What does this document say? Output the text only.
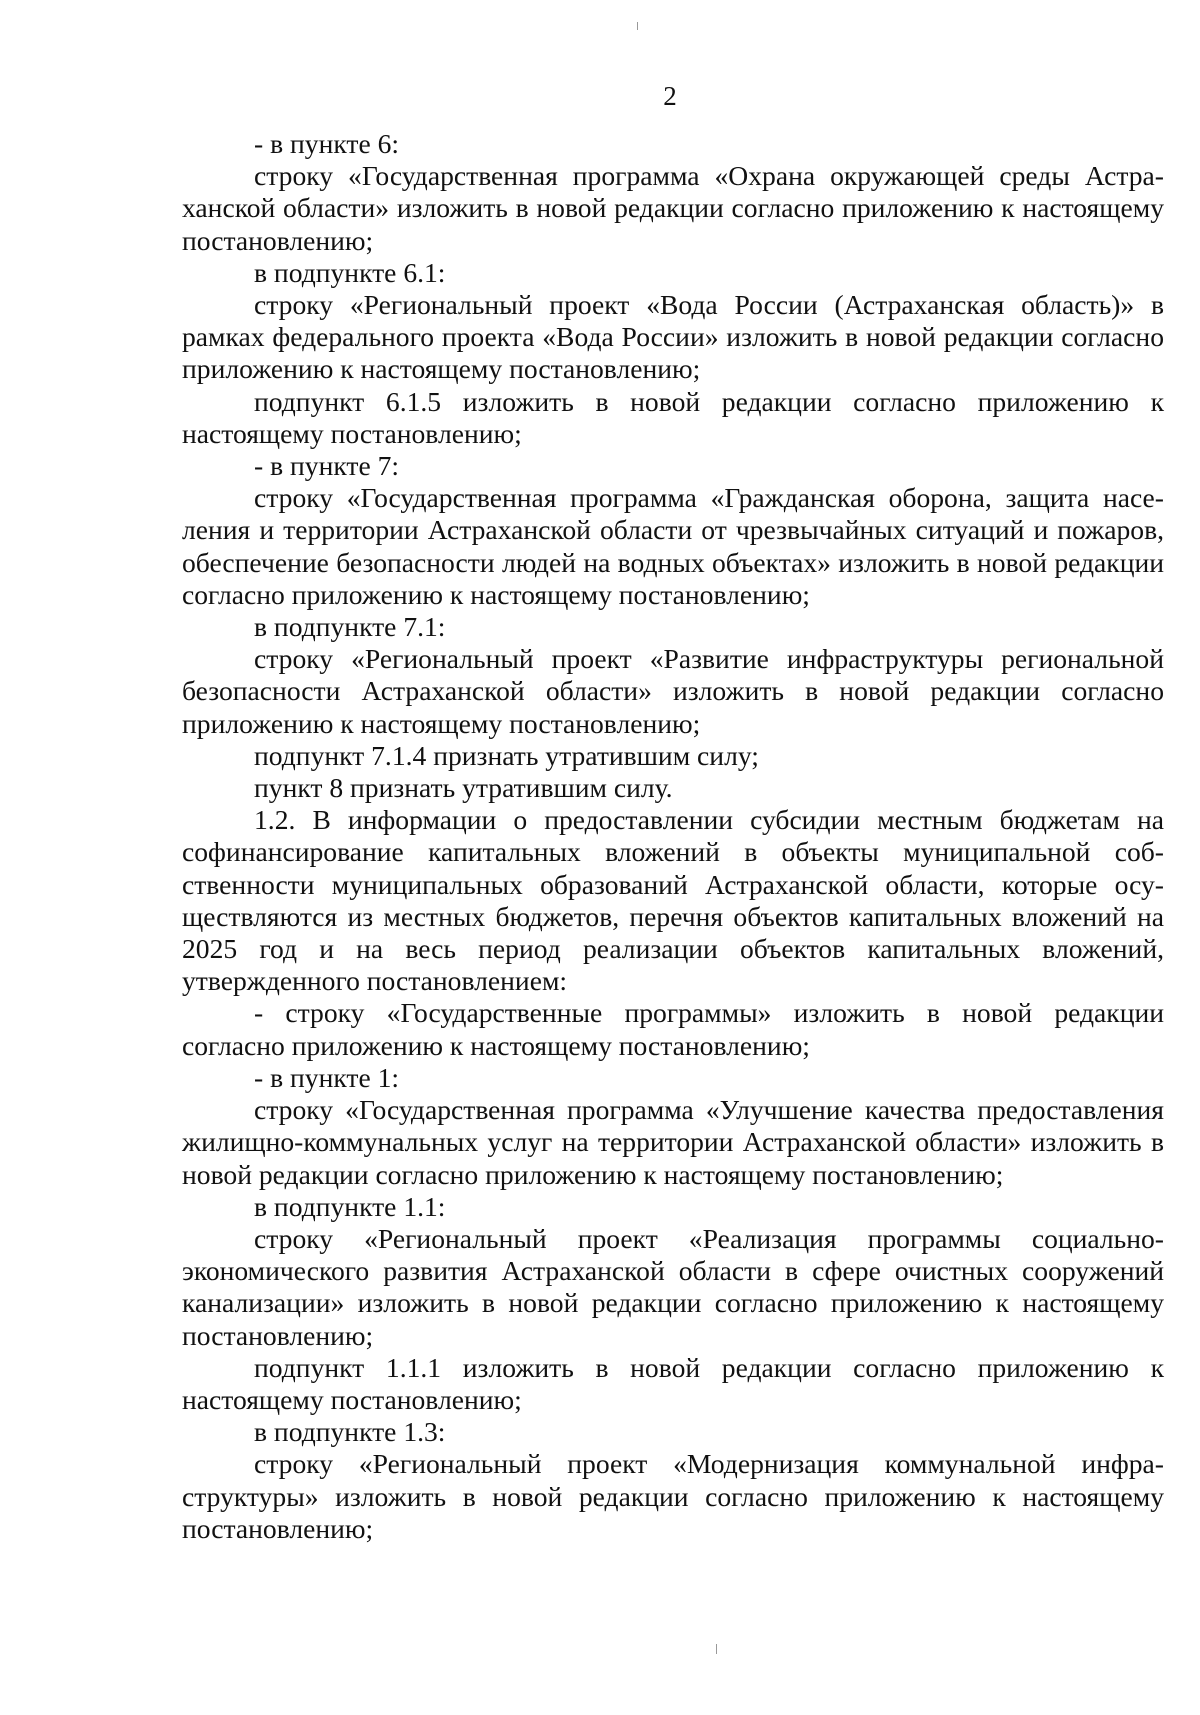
2

- в пункте 6:

строку «Государственная программа «Охрана окружающей среды Астраханской области» изложить в новой редакции согласно приложению к настоящему постановлению;

в подпункте 6.1:

строку «Региональный проект «Вода России (Астраханская область)» в рамках федерального проекта «Вода России» изложить в новой редакции согласно приложению к настоящему постановлению;

подпункт 6.1.5 изложить в новой редакции согласно приложению к настоящему постановлению;

- в пункте 7:

строку «Государственная программа «Гражданская оборона, защита населения и территории Астраханской области от чрезвычайных ситуаций и пожаров, обеспечение безопасности людей на водных объектах» изложить в новой редакции согласно приложению к настоящему постановлению;

в подпункте 7.1:

строку «Региональный проект «Развитие инфраструктуры региональной безопасности Астраханской области» изложить в новой редакции согласно приложению к настоящему постановлению;

подпункт 7.1.4 признать утратившим силу;

пункт 8 признать утратившим силу.

1.2. В информации о предоставлении субсидии местным бюджетам на софинансирование капитальных вложений в объекты муниципальной собственности муниципальных образований Астраханской области, которые осуществляются из местных бюджетов, перечня объектов капитальных вложений на 2025 год и на весь период реализации объектов капитальных вложений, утвержденного постановлением:

- строку «Государственные программы» изложить в новой редакции согласно приложению к настоящему постановлению;

- в пункте 1:

строку «Государственная программа «Улучшение качества предоставления жилищно-коммунальных услуг на территории Астраханской области» изложить в новой редакции согласно приложению к настоящему постановлению;

в подпункте 1.1:

строку «Региональный проект «Реализация программы социально-экономического развития Астраханской области в сфере очистных сооружений канализации» изложить в новой редакции согласно приложению к настоящему постановлению;

подпункт 1.1.1 изложить в новой редакции согласно приложению к настоящему постановлению;

в подпункте 1.3:

строку «Региональный проект «Модернизация коммунальной инфраструктуры» изложить в новой редакции согласно приложению к настоящему постановлению;
